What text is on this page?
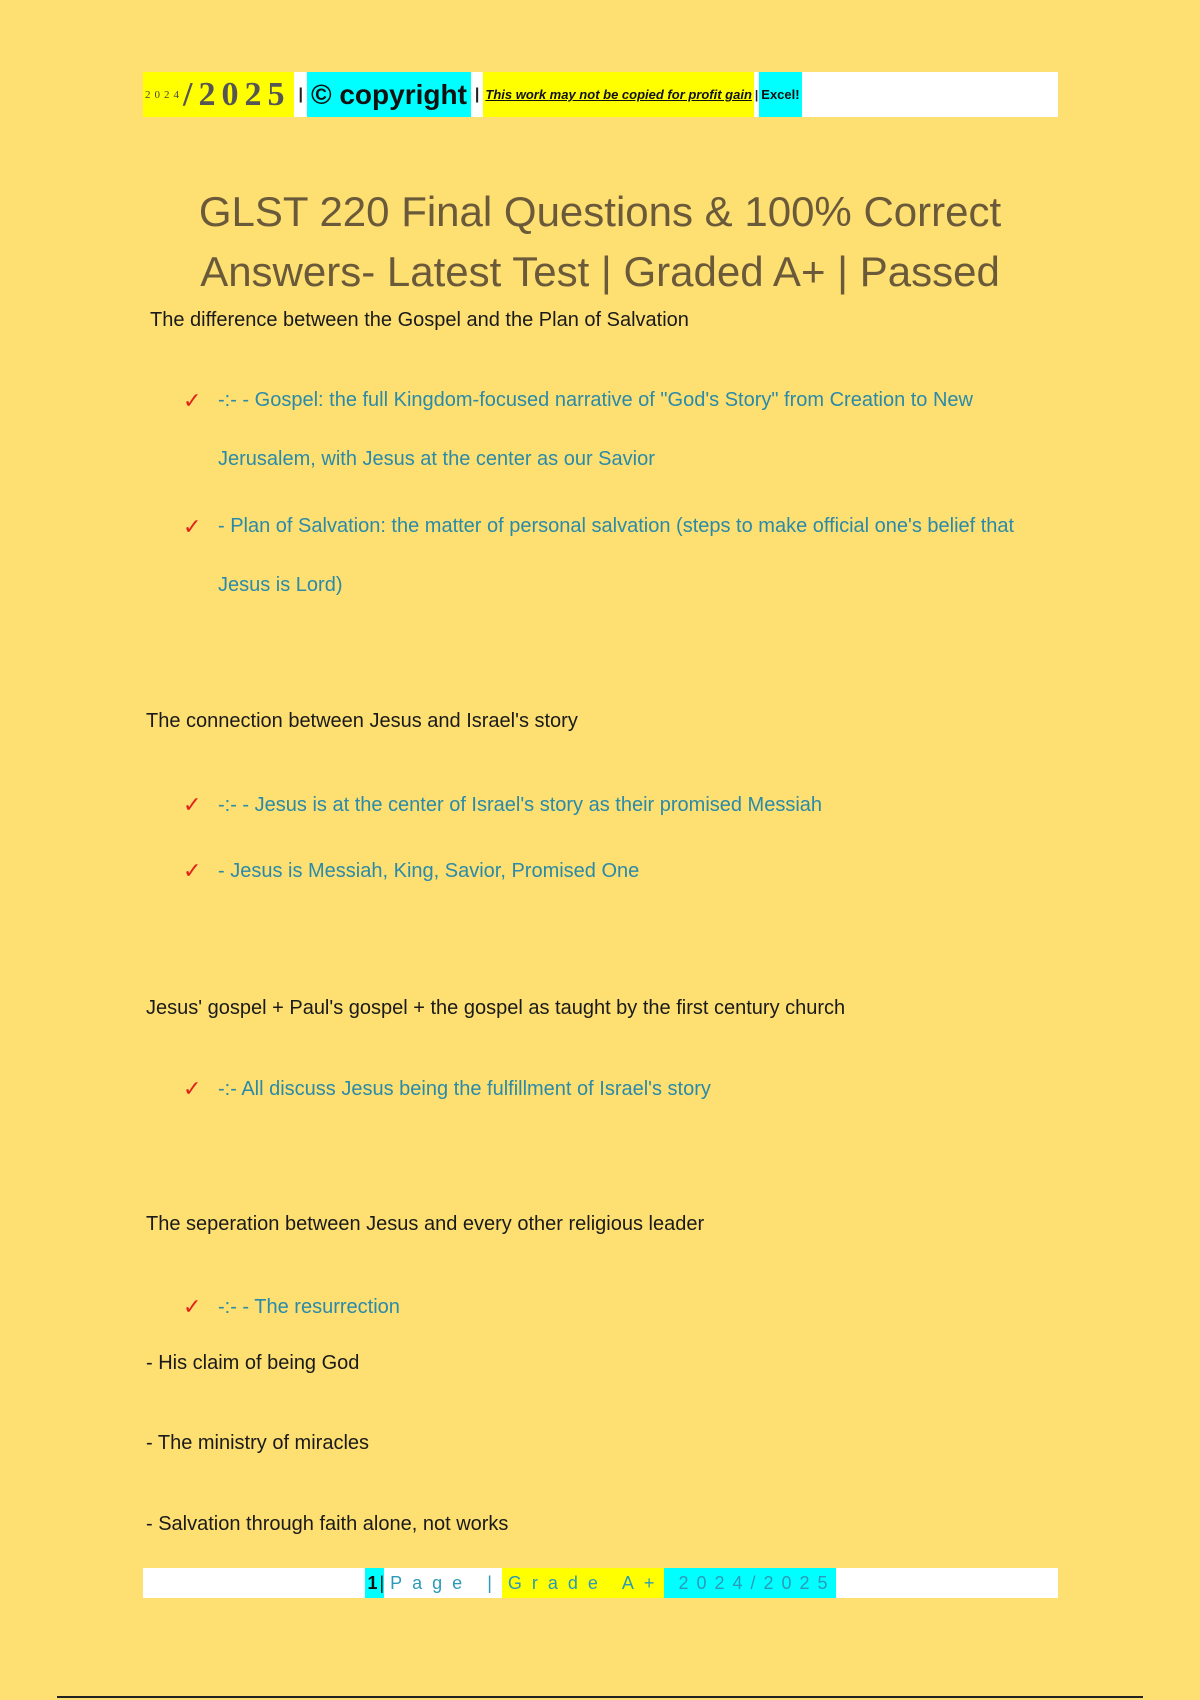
2024 /2025 | © copyright | This work may not be copied for profit gain | Excel!
GLST 220 Final Questions & 100% Correct
Answers- Latest Test | Graded A+ | Passed

The difference between the Gospel and the Plan of Salvation

✓ -:- - Gospel: the full Kingdom-focused narrative of "God's Story" from Creation to New Jerusalem, with Jesus at the center as our Savior
✓ - Plan of Salvation: the matter of personal salvation (steps to make official one's belief that Jesus is Lord)

The connection between Jesus and Israel's story

✓ -:- - Jesus is at the center of Israel's story as their promised Messiah
✓ - Jesus is Messiah, King, Savior, Promised One

Jesus' gospel + Paul's gospel + the gospel as taught by the first century church

✓ -:- All discuss Jesus being the fulfillment of Israel's story

The seperation between Jesus and every other religious leader

✓ -:- - The resurrection

- His claim of being God

- The ministry of miracles

- Salvation through faith alone, not works

1 | Page | Grade A+ 2024/2025
